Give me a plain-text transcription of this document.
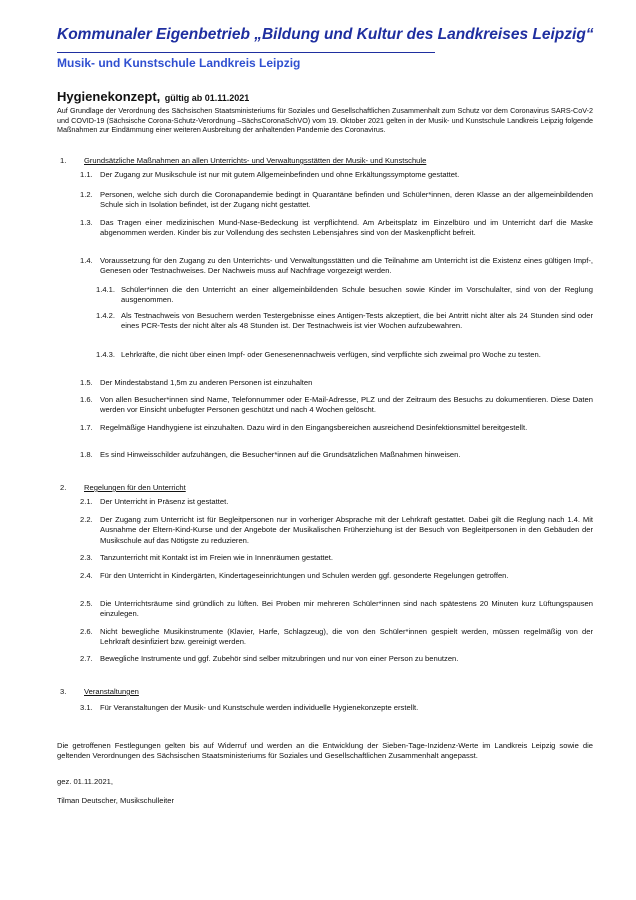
Kommunaler Eigenbetrieb „Bildung und Kultur des Landkreises Leipzig“
Musik- und Kunstschule Landkreis Leipzig
Hygienekonzept, gültig ab 01.11.2021
Auf Grundlage der Verordnung des Sächsischen Staatsministeriums für Soziales und Gesellschaftlichen Zusammenhalt zum Schutz vor dem Coronavirus SARS-CoV-2 und COVID-19 (Sächsische Corona-Schutz-Verordnung –SächsCoronaSchVO) vom 19. Oktober 2021 gelten in der Musik- und Kunstschule Landkreis Leipzig folgende Maßnahmen zur Eindämmung einer weiteren Ausbreitung der anhaltenden Pandemie des Coronavirus.
1. Grundsätzliche Maßnahmen an allen Unterrichts- und Verwaltungsstätten der Musik- und Kunstschule
1.1. Der Zugang zur Musikschule ist nur mit gutem Allgemeinbefinden und ohne Erkältungssymptome gestattet.
1.2. Personen, welche sich durch die Coronapandemie bedingt in Quarantäne befinden und Schüler*innen, deren Klasse an der allgemeinbildenden Schule sich in Isolation befindet, ist der Zugang nicht gestattet.
1.3. Das Tragen einer medizinischen Mund-Nase-Bedeckung ist verpflichtend. Am Arbeitsplatz im Einzelbüro und im Unterricht darf die Maske abgenommen werden. Kinder bis zur Vollendung des sechsten Lebensjahres sind von der Maskenpflicht befreit.
1.4. Voraussetzung für den Zugang zu den Unterrichts- und Verwaltungsstätten und die Teilnahme am Unterricht ist die Existenz eines gültigen Impf-, Genesen oder Testnachweises. Der Nachweis muss auf Nachfrage vorgezeigt werden.
1.4.1. Schüler*innen die den Unterricht an einer allgemeinbildenden Schule besuchen sowie Kinder im Vorschulalter, sind von der Reglung ausgenommen.
1.4.2. Als Testnachweis von Besuchern werden Testergebnisse eines Antigen-Tests akzeptiert, die bei Antritt nicht älter als 24 Stunden sind oder eines PCR-Tests der nicht älter als 48 Stunden ist. Der Testnachweis ist vier Wochen aufzubewahren.
1.4.3. Lehrkräfte, die nicht über einen Impf- oder Genesenennachweis verfügen, sind verpflichte sich zweimal pro Woche zu testen.
1.5. Der Mindestabstand 1,5m zu anderen Personen ist einzuhalten
1.6. Von allen Besucher*innen sind Name, Telefonnummer oder E-Mail-Adresse, PLZ und der Zeitraum des Besuchs zu dokumentieren. Diese Daten werden vor Einsicht unbefugter Personen geschützt und nach 4 Wochen gelöscht.
1.7. Regelmäßige Handhygiene ist einzuhalten. Dazu wird in den Eingangsbereichen ausreichend Desinfektionsmittel bereitgestellt.
1.8. Es sind Hinweisschilder aufzuhängen, die Besucher*innen auf die Grundsätzlichen Maßnahmen hinweisen.
2. Regelungen für den Unterricht
2.1. Der Unterricht in Präsenz ist gestattet.
2.2. Der Zugang zum Unterricht ist für Begleitpersonen nur in vorheriger Absprache mit der Lehrkraft gestattet. Dabei gilt die Reglung nach 1.4. Mit Ausnahme der Eltern-Kind-Kurse und der Angebote der Musikalischen Früherziehung ist der Besuch von Begleitpersonen in den Gebäuden der Musikschule auf das Nötigste zu reduzieren.
2.3. Tanzunterricht mit Kontakt ist im Freien wie in Innenräumen gestattet.
2.4. Für den Unterricht in Kindergärten, Kindertageseinrichtungen und Schulen werden ggf. gesonderte Regelungen getroffen.
2.5. Die Unterrichtsräume sind gründlich zu lüften. Bei Proben mir mehreren Schüler*innen sind nach spätestens 20 Minuten kurz Lüftungspausen einzulegen.
2.6. Nicht bewegliche Musikinstrumente (Klavier, Harfe, Schlagzeug), die von den Schüler*innen gespielt werden, müssen regelmäßig von der Lehrkraft desinfiziert bzw. gereinigt werden.
2.7. Bewegliche Instrumente und ggf. Zubehör sind selber mitzubringen und nur von einer Person zu benutzen.
3. Veranstaltungen
3.1. Für Veranstaltungen der Musik- und Kunstschule werden individuelle Hygienekonzepte erstellt.
Die getroffenen Festlegungen gelten bis auf Widerruf und werden an die Entwicklung der Sieben-Tage-Inzidenz-Werte im Landkreis Leipzig sowie die geltenden Verordnungen des Sächsischen Staatsministeriums für Soziales und Gesellschaftlichen Zusammenhalt angepasst.
gez. 01.11.2021,
Tilman Deutscher, Musikschulleiter
